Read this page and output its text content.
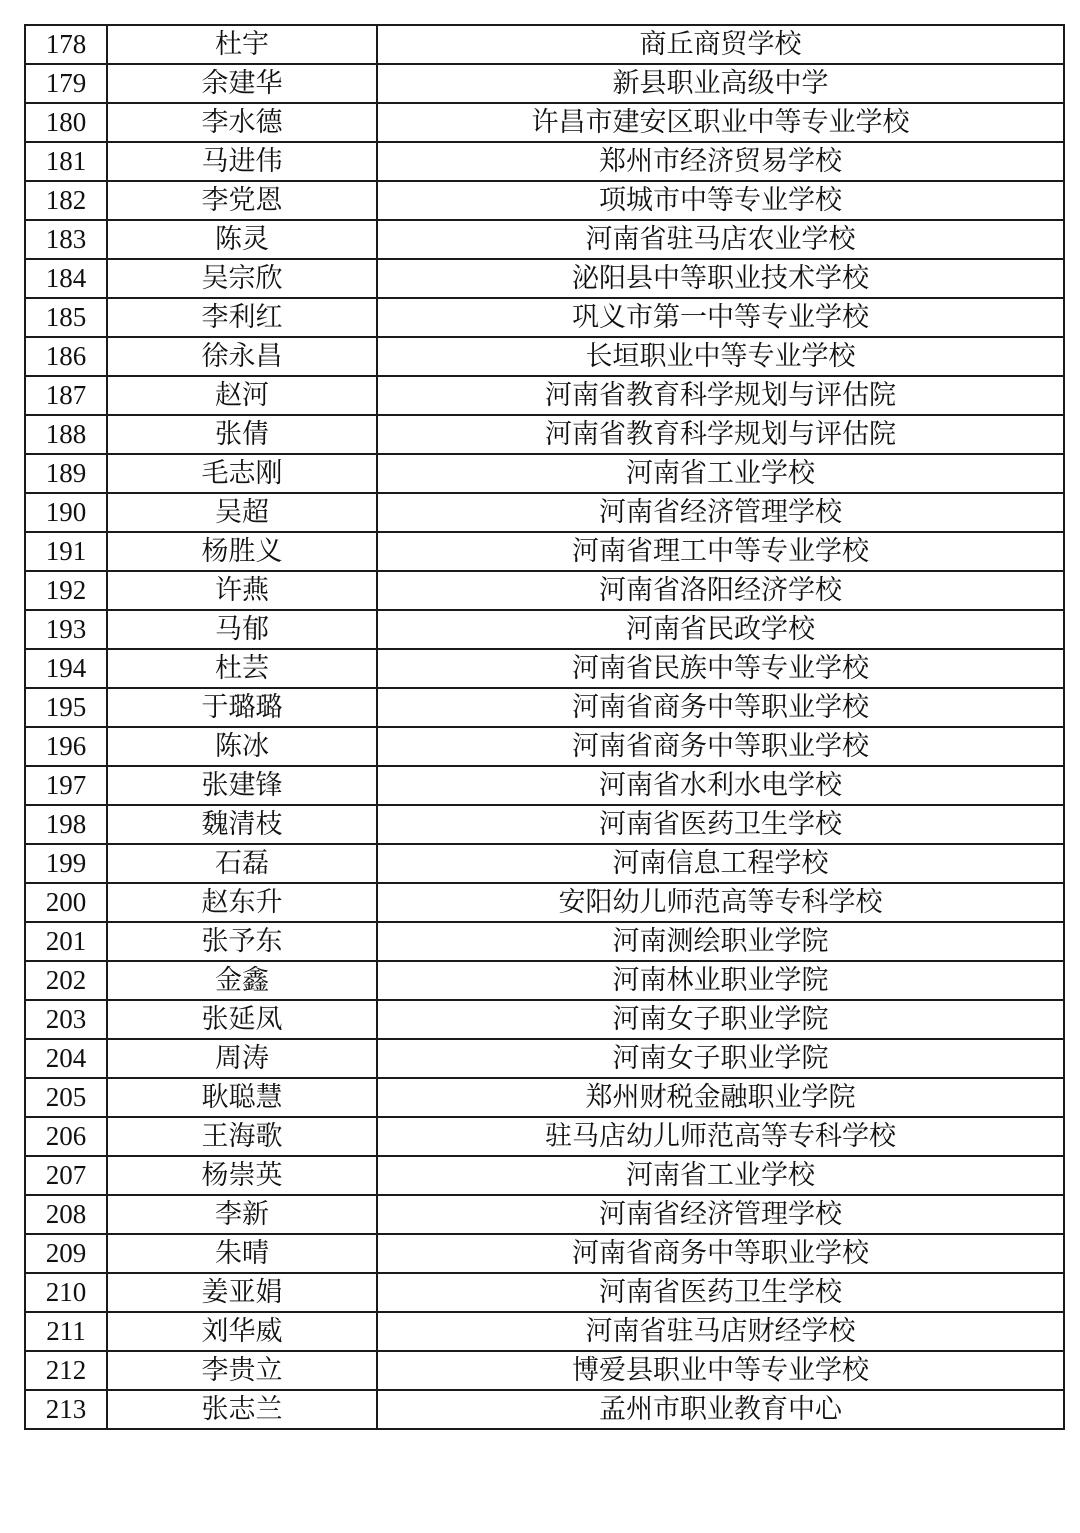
178	杜宇	商丘商贸学校
179	余建华	新县职业高级中学
180	李水德	许昌市建安区职业中等专业学校
181	马进伟	郑州市经济贸易学校
182	李党恩	项城市中等专业学校
183	陈灵	河南省驻马店农业学校
184	吴宗欣	泌阳县中等职业技术学校
185	李利红	巩义市第一中等专业学校
186	徐永昌	长垣职业中等专业学校
187	赵河	河南省教育科学规划与评估院
188	张倩	河南省教育科学规划与评估院
189	毛志刚	河南省工业学校
190	吴超	河南省经济管理学校
191	杨胜义	河南省理工中等专业学校
192	许燕	河南省洛阳经济学校
193	马郁	河南省民政学校
194	杜芸	河南省民族中等专业学校
195	于璐璐	河南省商务中等职业学校
196	陈冰	河南省商务中等职业学校
197	张建锋	河南省水利水电学校
198	魏清枝	河南省医药卫生学校
199	石磊	河南信息工程学校
200	赵东升	安阳幼儿师范高等专科学校
201	张予东	河南测绘职业学院
202	金鑫	河南林业职业学院
203	张延凤	河南女子职业学院
204	周涛	河南女子职业学院
205	耿聪慧	郑州财税金融职业学院
206	王海歌	驻马店幼儿师范高等专科学校
207	杨崇英	河南省工业学校
208	李新	河南省经济管理学校
209	朱晴	河南省商务中等职业学校
210	姜亚娟	河南省医药卫生学校
211	刘华威	河南省驻马店财经学校
212	李贵立	博爱县职业中等专业学校
213	张志兰	孟州市职业教育中心
